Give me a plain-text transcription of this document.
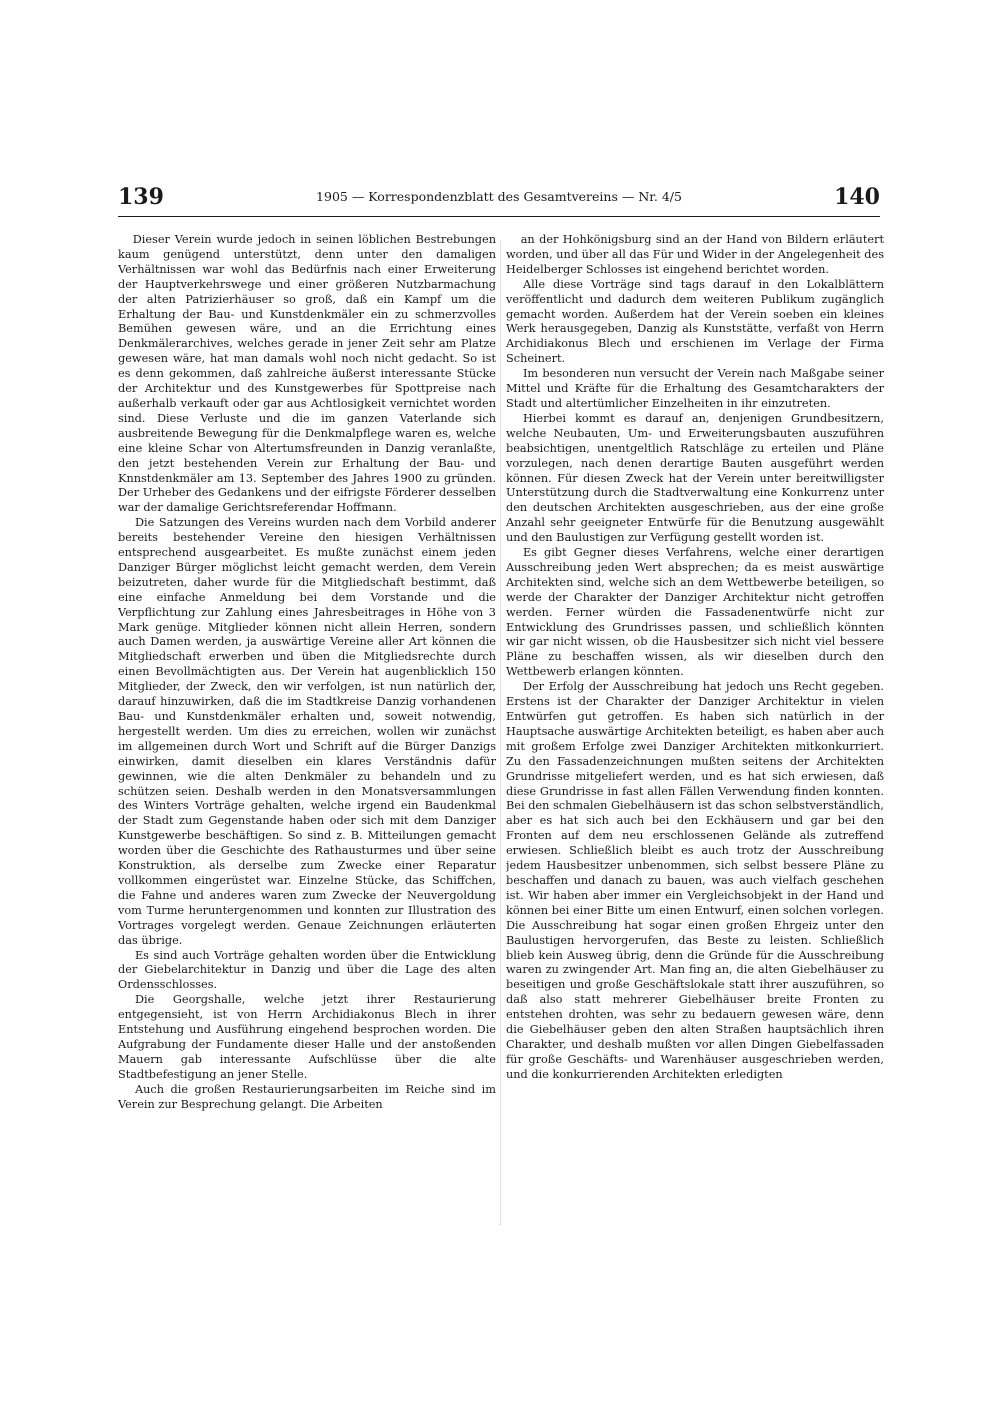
139	1905 — Korrespondenzblatt des Gesamtvereins — Nr. 4/5	140

Dieser Verein wurde jedoch in seinen löblichen Bestrebungen kaum genügend unterstützt, denn unter den damaligen Verhältnissen war wohl das Bedürfnis nach einer Erweiterung der Hauptverkehrswege und einer größeren Nutzbarmachung der alten Patrizierhäuser so groß, daß ein Kampf um die Erhaltung der Bau- und Kunstdenkmäler ein zu schmerzvolles Bemühen gewesen wäre, und an die Errichtung eines Denkmälerarchives, welches gerade in jener Zeit sehr am Platze gewesen wäre, hat man damals wohl noch nicht gedacht. So ist es denn gekommen, daß zahlreiche äußerst interessante Stücke der Architektur und des Kunstgewerbes für Spottpreise nach außerhalb verkauft oder gar aus Achtlosigkeit vernichtet worden sind. Diese Verluste und die im ganzen Vaterlande sich ausbreitende Bewegung für die Denkmalpflege waren es, welche eine kleine Schar von Altertumsfreunden in Danzig veranlaßte, den jetzt bestehenden Verein zur Erhaltung der Bau- und Knnstdenkmäler am 13. September des Jahres 1900 zu gründen. Der Urheber des Gedankens und der eifrigste Förderer desselben war der damalige Gerichtsreferendar Hoffmann.

Die Satzungen des Vereins wurden nach dem Vorbild anderer bereits bestehender Vereine den hiesigen Verhältnissen entsprechend ausgearbeitet. Es mußte zunächst einem jeden Danziger Bürger möglichst leicht gemacht werden, dem Verein beizutreten, daher wurde für die Mitgliedschaft bestimmt, daß eine einfache Anmeldung bei dem Vorstande und die Verpflichtung zur Zahlung eines Jahresbeitrages in Höhe von 3 Mark genüge. Mitglieder können nicht allein Herren, sondern auch Damen werden, ja auswärtige Vereine aller Art können die Mitgliedschaft erwerben und üben die Mitgliedsrechte durch einen Bevollmächtigten aus. Der Verein hat augenblicklich 150 Mitglieder, der Zweck, den wir verfolgen, ist nun natürlich der, darauf hinzuwirken, daß die im Stadtkreise Danzig vorhandenen Bau- und Kunstdenkmäler erhalten und, soweit notwendig, hergestellt werden. Um dies zu erreichen, wollen wir zunächst im allgemeinen durch Wort und Schrift auf die Bürger Danzigs einwirken, damit dieselben ein klares Verständnis dafür gewinnen, wie die alten Denkmäler zu behandeln und zu schützen seien. Deshalb werden in den Monatsversammlungen des Winters Vorträge gehalten, welche irgend ein Baudenkmal der Stadt zum Gegenstande haben oder sich mit dem Danziger Kunstgewerbe beschäftigen. So sind z. B. Mitteilungen gemacht worden über die Geschichte des Rathausturmes und über seine Konstruktion, als derselbe zum Zwecke einer Reparatur vollkommen eingerüstet war. Einzelne Stücke, das Schiffchen, die Fahne und anderes waren zum Zwecke der Neuvergoldung vom Turme heruntergenommen und konnten zur Illustration des Vortrages vorgelegt werden. Genaue Zeichnungen erläuterten das übrige.

Es sind auch Vorträge gehalten worden über die Entwicklung der Giebelarchitektur in Danzig und über die Lage des alten Ordensschlosses.

Die Georgshalle, welche jetzt ihrer Restaurierung entgegensieht, ist von Herrn Archidiakonus Blech in ihrer Entstehung und Ausführung eingehend besprochen worden. Die Aufgrabung der Fundamente dieser Halle und der anstoßenden Mauern gab interessante Aufschlüsse über die alte Stadtbefestigung an jener Stelle.

Auch die großen Restaurierungsarbeiten im Reiche sind im Verein zur Besprechung gelangt. Die Arbeiten

an der Hohkönigsburg sind an der Hand von Bildern erläutert worden, und über all das Für und Wider in der Angelegenheit des Heidelberger Schlosses ist eingehend berichtet worden.

Alle diese Vorträge sind tags darauf in den Lokalblättern veröffentlicht und dadurch dem weiteren Publikum zugänglich gemacht worden. Außerdem hat der Verein soeben ein kleines Werk herausgegeben, Danzig als Kunststätte, verfaßt von Herrn Archidiakonus Blech und erschienen im Verlage der Firma Scheinert.

Im besonderen nun versucht der Verein nach Maßgabe seiner Mittel und Kräfte für die Erhaltung des Gesamtcharakters der Stadt und altertümlicher Einzelheiten in ihr einzutreten.

Hierbei kommt es darauf an, denjenigen Grundbesitzern, welche Neubauten, Um- und Erweiterungsbauten auszuführen beabsichtigen, unentgeltlich Ratschläge zu erteilen und Pläne vorzulegen, nach denen derartige Bauten ausgeführt werden können. Für diesen Zweck hat der Verein unter bereitwilligster Unterstützung durch die Stadtverwaltung eine Konkurrenz unter den deutschen Architekten ausgeschrieben, aus der eine große Anzahl sehr geeigneter Entwürfe für die Benutzung ausgewählt und den Baulustigen zur Verfügung gestellt worden ist.

Es gibt Gegner dieses Verfahrens, welche einer derartigen Ausschreibung jeden Wert absprechen; da es meist auswärtige Architekten sind, welche sich an dem Wettbewerbe beteiligen, so werde der Charakter der Danziger Architektur nicht getroffen werden. Ferner würden die Fassadenentwürfe nicht zur Entwicklung des Grundrisses passen, und schließlich könnten wir gar nicht wissen, ob die Hausbesitzer sich nicht viel bessere Pläne zu beschaffen wissen, als wir dieselben durch den Wettbewerb erlangen könnten.

Der Erfolg der Ausschreibung hat jedoch uns Recht gegeben. Erstens ist der Charakter der Danziger Architektur in vielen Entwürfen gut getroffen. Es haben sich natürlich in der Hauptsache auswärtige Architekten beteiligt, es haben aber auch mit großem Erfolge zwei Danziger Architekten mitkonkurriert. Zu den Fassadenzeichnungen mußten seitens der Architekten Grundrisse mitgeliefert werden, und es hat sich erwiesen, daß diese Grundrisse in fast allen Fällen Verwendung finden konnten. Bei den schmalen Giebelhäusern ist das schon selbstverständlich, aber es hat sich auch bei den Eckhäusern und gar bei den Fronten auf dem neu erschlossenen Gelände als zutreffend erwiesen. Schließlich bleibt es auch trotz der Ausschreibung jedem Hausbesitzer unbenommen, sich selbst bessere Pläne zu beschaffen und danach zu bauen, was auch vielfach geschehen ist. Wir haben aber immer ein Vergleichsobjekt in der Hand und können bei einer Bitte um einen Entwurf, einen solchen vorlegen. Die Ausschreibung hat sogar einen großen Ehrgeiz unter den Baulustigen hervorgerufen, das Beste zu leisten. Schließlich blieb kein Ausweg übrig, denn die Gründe für die Ausschreibung waren zu zwingender Art. Man fing an, die alten Giebelhäuser zu beseitigen und große Geschäftslokale statt ihrer auszuführen, so daß also statt mehrerer Giebelhäuser breite Fronten zu entstehen drohten, was sehr zu bedauern gewesen wäre, denn die Giebelhäuser geben den alten Straßen hauptsächlich ihren Charakter, und deshalb mußten vor allen Dingen Giebelfassaden für große Geschäfts- und Warenhäuser ausgeschrieben werden, und die konkurrierenden Architekten erledigten
